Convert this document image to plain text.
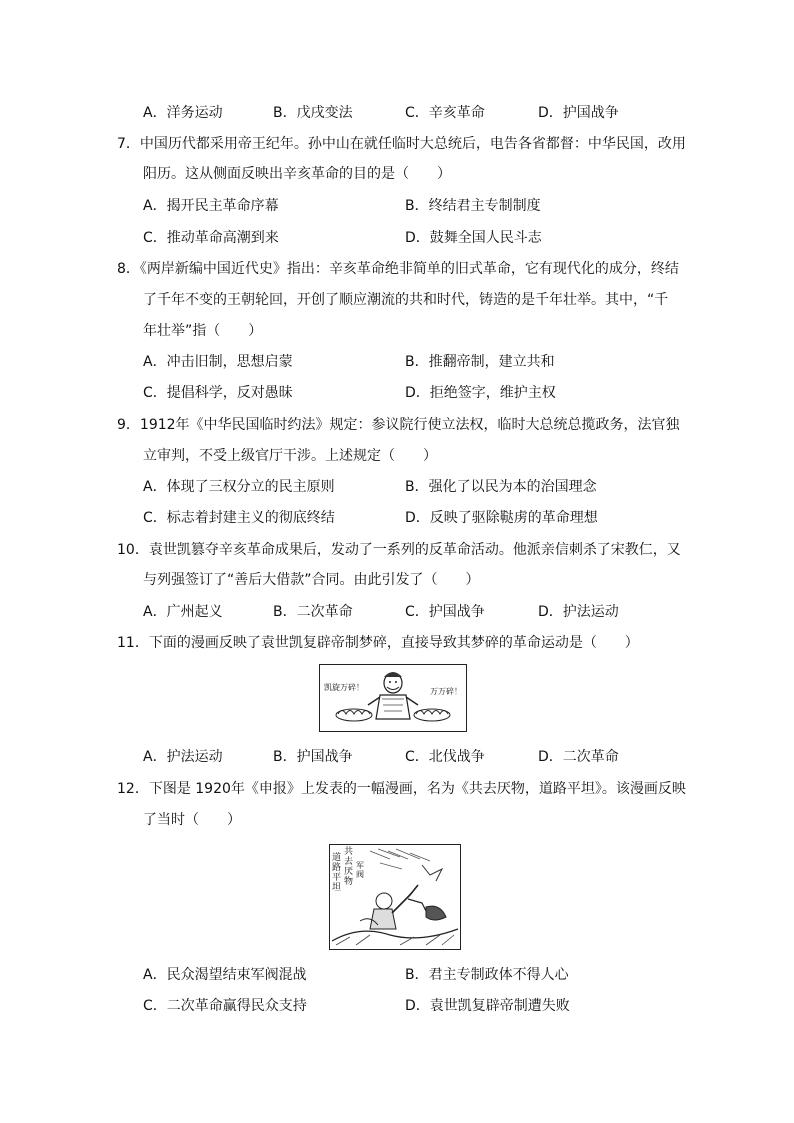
A．洋务运动	B．戊戌变法	C．辛亥革命	D．护国战争
7．中国历代都采用帝王纪年。孙中山在就任临时大总统后，电告各省都督：中华民国，改用
阳历。这从侧面反映出辛亥革命的目的是（　　）
A．揭开民主革命序幕	B．终结君主专制制度
C．推动革命高潮到来	D．鼓舞全国人民斗志
8．《两岸新编中国近代史》指出：辛亥革命绝非简单的旧式革命，它有现代化的成分，终结
了千年不变的王朝轮回，开创了顺应潮流的共和时代，铸造的是千年壮举。其中，“千
年壮举”指（　　）
A．冲击旧制，思想启蒙	B．推翻帝制，建立共和
C．提倡科学，反对愚昧	D．拒绝签字，维护主权
9．1912年《中华民国临时约法》规定：参议院行使立法权，临时大总统总揽政务，法官独
立审判，不受上级官厅干涉。上述规定（　　）
A．体现了三权分立的民主原则	B．强化了以民为本的治国理念
C．标志着封建主义的彻底终结	D．反映了驱除鞑虏的革命理想
10．袁世凯篡夺辛亥革命成果后，发动了一系列的反革命活动。他派亲信刺杀了宋教仁，又
与列强签订了“善后大借款”合同。由此引发了（　　）
A．广州起义	B．二次革命	C．护国战争	D．护法运动
11．下面的漫画反映了袁世凯复辟帝制梦碎，直接导致其梦碎的革命运动是（　　）
凯旋万碎！	万万碎！
A．护法运动	B．护国战争	C．北伐战争	D．二次革命
12．下图是 1920年《申报》上发表的一幅漫画，名为《共去厌物，道路平坦》。该漫画反映
了当时（　　）
共去厌物
道路平坦
军阀
A．民众渴望结束军阀混战	B．君主专制政体不得人心
C．二次革命赢得民众支持	D．袁世凯复辟帝制遭失败
